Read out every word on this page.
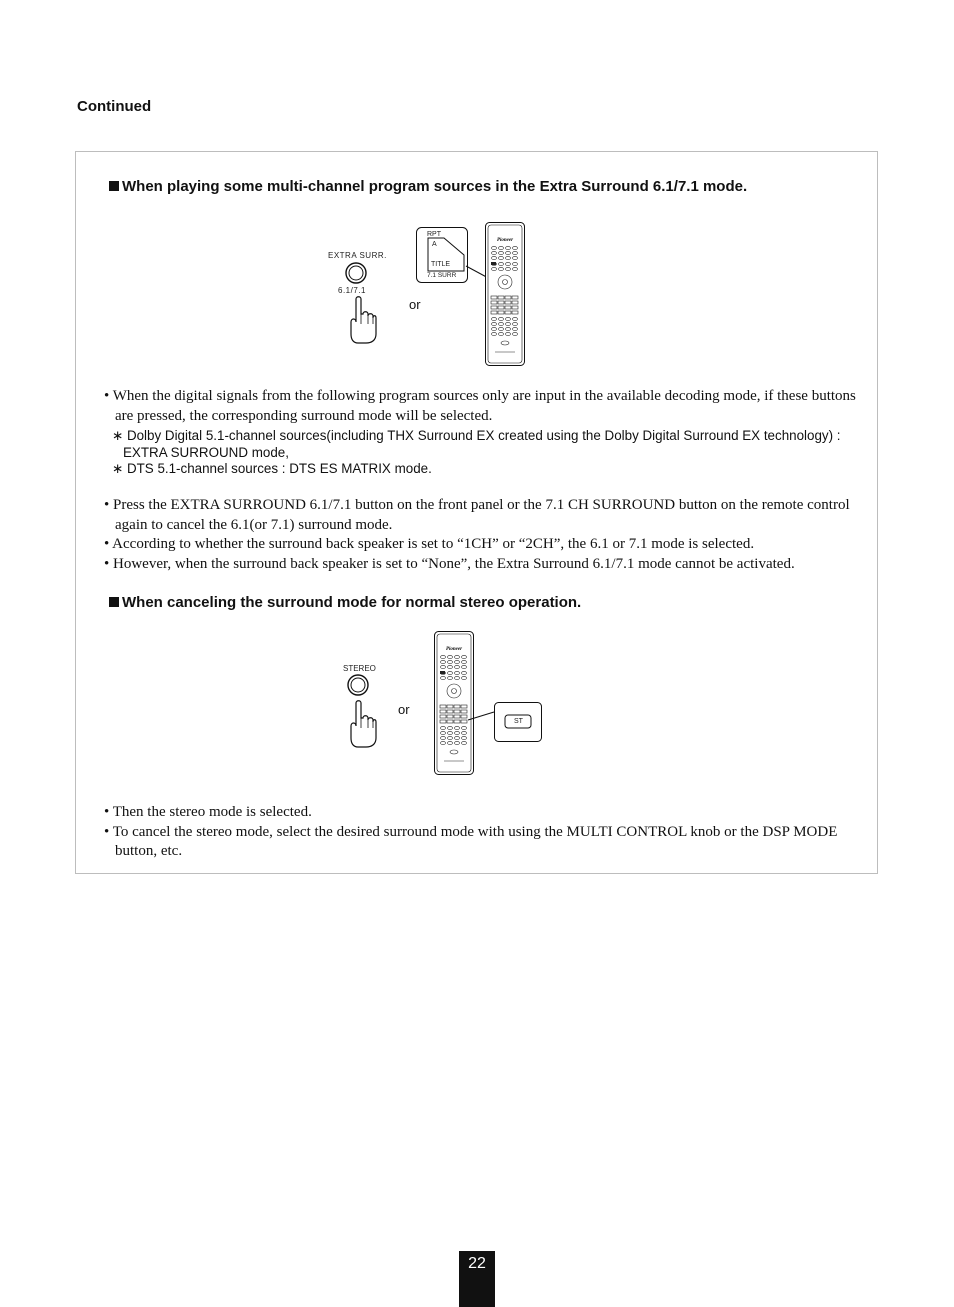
Continued
When playing some multi-channel program sources in the Extra Surround 6.1/7.1 mode.
EXTRA SURR.
6.1/7.1
or
RPT
A
TITLE
7.1 SURR
Pioneer
• When the digital signals from the following program sources only are input in the available decoding mode, if these buttons are pressed, the corresponding surround mode will be selected.
∗ Dolby Digital 5.1-channel sources(including THX Surround EX created using the Dolby Digital Surround EX technology) : EXTRA SURROUND mode,
∗ DTS 5.1-channel sources : DTS ES MATRIX mode.
• Press the EXTRA SURROUND 6.1/7.1 button on the front panel or the 7.1 CH SURROUND button on the remote control again to cancel the 6.1(or 7.1) surround mode.
• According to whether the surround back speaker is set to “1CH” or “2CH”, the 6.1 or 7.1 mode is selected.
• However, when the surround back speaker is set to “None”, the Extra Surround 6.1/7.1 mode cannot be activated.
When canceling the surround mode for normal stereo operation.
STEREO
or
Pioneer
ST
• Then the stereo mode is selected.
• To cancel the stereo mode, select the desired surround mode with using the MULTI CONTROL knob or the DSP MODE button, etc.
22
